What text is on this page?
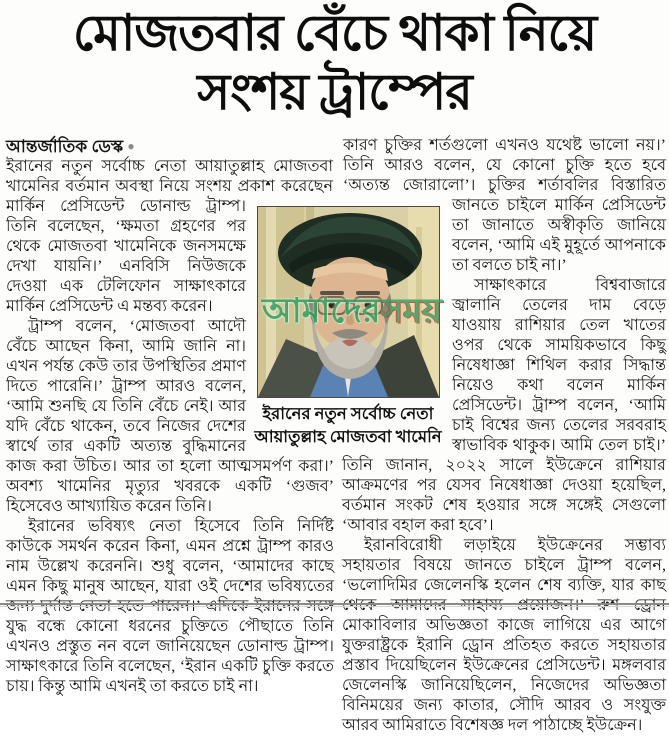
মোজতবার বেঁচে থাকা নিয়ে
সংশয় ট্রাম্পের
আন্তর্জাতিক ডেস্ক ●

ইরানের নতুন সর্বোচ্চ নেতা আয়াতুল্লাহ মোজতবা খামেনির বর্তমান অবস্থা নিয়ে সংশয় প্রকাশ করেছেন মার্কিন প্রেসিডেন্ট ডোনাল্ড ট্রাম্প। তিনি বলেছেন, ‘ক্ষমতা গ্রহণের পর থেকে মোজতবা খামেনিকে জনসমক্ষে দেখা যায়নি।’ এনবিসি নিউজকে দেওয়া এক টেলিফোন সাক্ষাৎকারে মার্কিন প্রেসিডেন্ট এ মন্তব্য করেন।

ট্রাম্প বলেন, ‘মোজতবা আদৌ বেঁচে আছেন কিনা, আমি জানি না। এখন পর্যন্ত কেউ তার উপস্থিতির প্রমাণ দিতে পারেনি।’ ট্রাম্প আরও বলেন, ‘আমি শুনছি যে তিনি বেঁচে নেই। আর যদি বেঁচে থাকেন, তবে নিজের দেশের স্বার্থে তার একটি অত্যন্ত বুদ্ধিমানের কাজ করা উচিত। আর তা হলো আত্মসমর্পণ করা।’ অবশ্য খামেনির মৃত্যুর খবরকে একটি ‘গুজব’ হিসেবেও আখ্যায়িত করেন তিনি।

ইরানের ভবিষ্যৎ নেতা হিসেবে তিনি নির্দিষ্ট কাউকে সমর্থন করেন কিনা, এমন প্রশ্নে ট্রাম্প কারও নাম উল্লেখ করেননি। শুধু বলেন, ‘আমাদের কাছে এমন কিছু মানুষ আছেন, যারা ওই দেশের ভবিষ্যতের যুদ্ধ বন্ধে কোনো ধরনের চুক্তিতে পৌছাতে তিনি এখনও প্রস্তুত নন বলে জানিয়েছেন ডোনাল্ড ট্রাম্প। সাক্ষাৎকারে তিনি বলেছেন, ‘ইরান একটি চুক্তি করতে চায়। কিন্তু আমি এখনই তা করতে চাই না।

কারণ চুক্তির শর্তগুলো এখনও যথেষ্ট ভালো নয়।’ তিনি আরও বলেন, যে কোনো চুক্তি হতে হবে ‘অত্যন্ত জোরালো’। চুক্তির শর্তাবলির বিস্তারিত জানতে চাইলে মার্কিন প্রেসিডেন্ট তা জানাতে অস্বীকৃতি জানিয়ে বলেন, ‘আমি এই মুহূর্তে আপনাকে তা বলতে চাই না।’

সাক্ষাৎকারে বিশ্ববাজারে জ্বালানি তেলের দাম বেড়ে যাওয়ায় রাশিয়ার তেল খাতের ওপর থেকে সাময়িকভাবে কিছু নিষেধাজ্ঞা শিথিল করার সিদ্ধান্ত নিয়েও কথা বলেন মার্কিন প্রেসিডেন্ট। ট্রাম্প বলেন, ‘আমি চাই বিশ্বের জন্য তেলের সরবরাহ স্বাভাবিক থাকুক। আমি তেল চাই।’ তিনি জানান, ২০২২ সালে ইউক্রেনে রাশিয়ার আক্রমণের পর যেসব নিষেধাজ্ঞা দেওয়া হয়েছিল, বর্তমান সংকট শেষ হওয়ার সঙ্গে সঙ্গেই সেগুলো ‘আবার বহাল করা হবে’।

ইরানবিরোধী লড়াইয়ে ইউক্রেনের সম্ভাব্য সহায়তার বিষয়ে জানতে চাইলে ট্রাম্প বলেন, ‘ভলোদিমির জেলেনস্কি হলেন শেষ ব্যক্তি, যার কাছ মোকাবিলার অভিজ্ঞতা কাজে লাগিয়ে এর আগে যুক্তরাষ্ট্রকে ইরানি ড্রোন প্রতিহত করতে সহায়তার প্রস্তাব দিয়েছিলেন ইউক্রেনের প্রেসিডেন্ট। মঙ্গলবার জেলেনস্কি জানিয়েছিলেন, নিজেদের অভিজ্ঞতা বিনিময়ের জন্য কাতার, সৌদি আরব ও সংযুক্ত আরব আমিরাতে বিশেষজ্ঞ দল পাঠাচ্ছে ইউক্রেন।

আমাদেরসময়
ইরানের নতুন সর্বোচ্চ নেতা আয়াতুল্লাহ মোজতবা খামেনি
